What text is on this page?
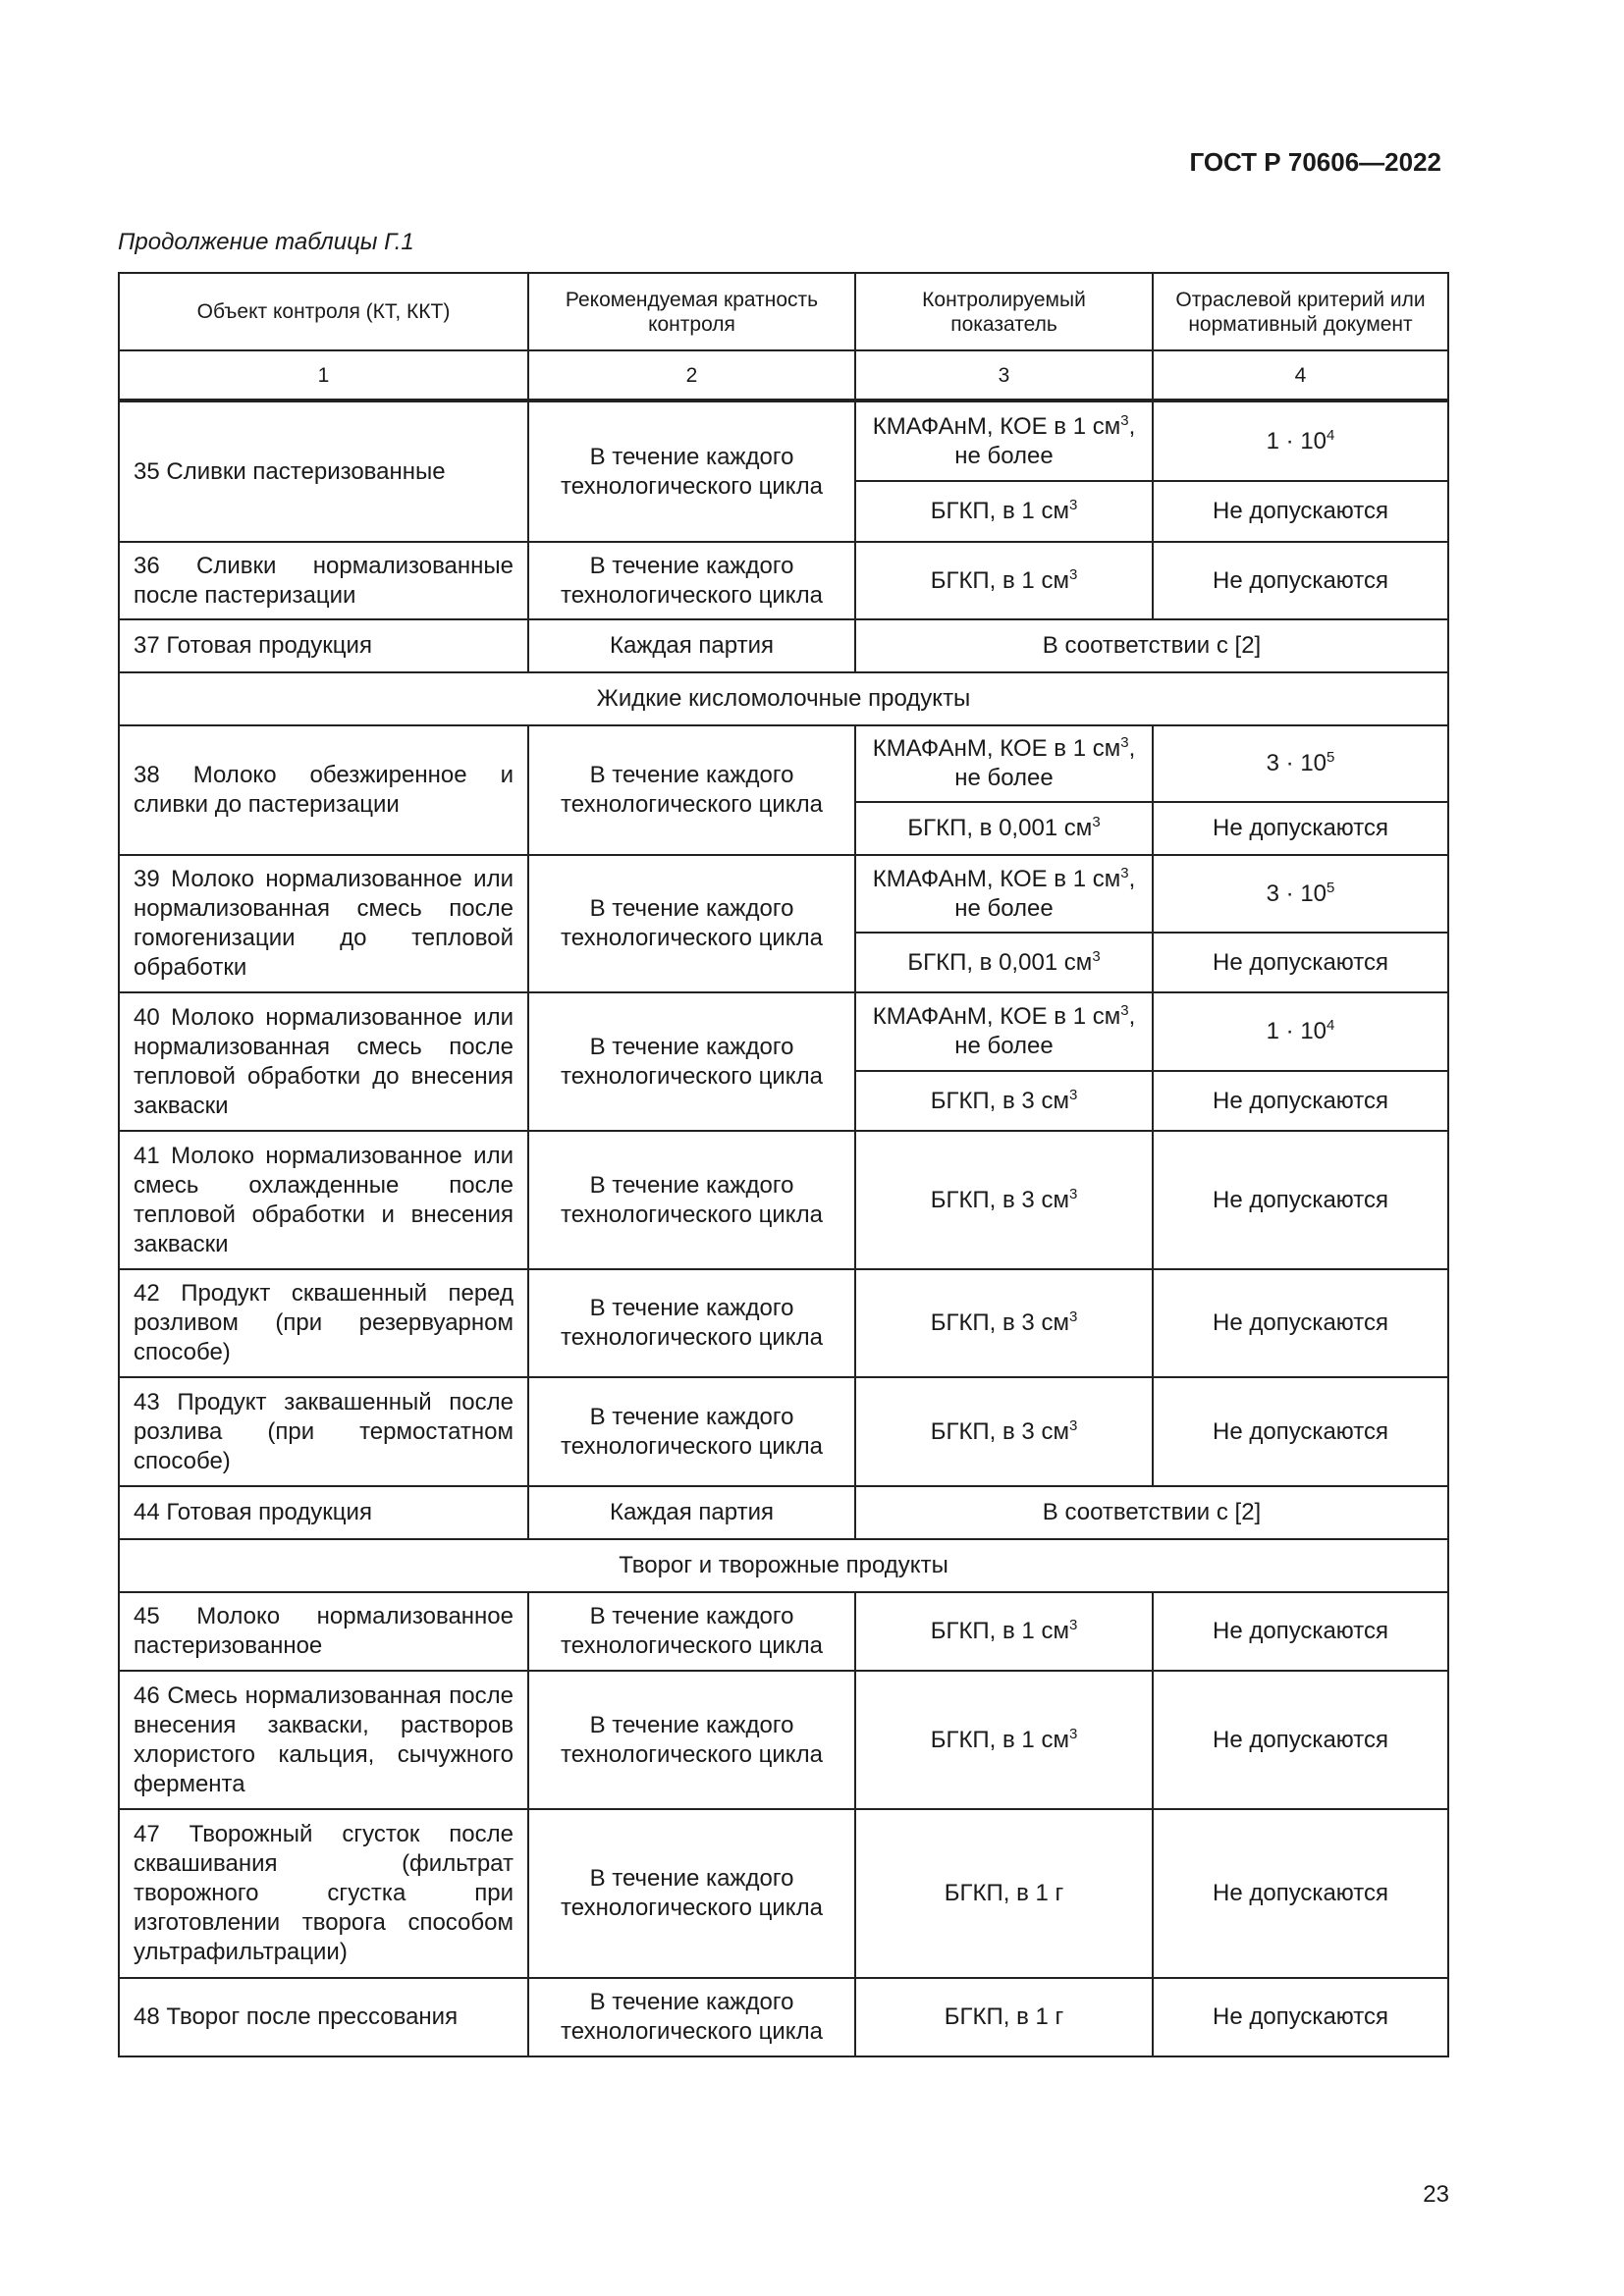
ГОСТ Р 70606—2022

Продолжение таблицы Г.1

Объект контроля (КТ, ККТ)	Рекомендуемая кратность контроля	Контролируемый показатель	Отраслевой критерий или нормативный документ
1	2	3	4

35 Сливки пастеризованные	В течение каждого технологического цикла	КМАФАнМ, КОЕ в 1 $см^3$, не более	$1 \cdot 10^4$
		БГКП, в 1 $см^3$	Не допускаются
36 Сливки нормализованные после пастеризации	В течение каждого технологического цикла	БГКП, в 1 $см^3$	Не допускаются
37 Готовая продукция	Каждая партия	В соответствии с [2]	
Жидкие кисломолочные продукты			
38 Молоко обезжиренное и сливки до пастеризации	В течение каждого технологического цикла	КМАФАнМ, КОЕ в 1 $см^3$, не более	$3 \cdot 10^5$
		БГКП, в 0,001 $см^3$	Не допускаются
39 Молоко нормализованное или нормализованная смесь после гомогенизации до тепловой обработки	В течение каждого технологического цикла	КМАФАнМ, КОЕ в 1 $см^3$, не более	$3 \cdot 10^5$
		БГКП, в 0,001 $см^3$	Не допускаются
40 Молоко нормализованное или нормализованная смесь после тепловой обработки до внесения закваски	В течение каждого технологического цикла	КМАФАнМ, КОЕ в 1 $см^3$, не более	$1 \cdot 10^4$
		БГКП, в 3 $см^3$	Не допускаются
41 Молоко нормализованное или смесь охлажденные после тепловой обработки и внесения закваски	В течение каждого технологического цикла	БГКП, в 3 $см^3$	Не допускаются
42 Продукт сквашенный перед розливом (при резервуарном способе)	В течение каждого технологического цикла	БГКП, в 3 $см^3$	Не допускаются
43 Продукт заквашенный после розлива (при термостатном способе)	В течение каждого технологического цикла	БГКП, в 3 $см^3$	Не допускаются
44 Готовая продукция	Каждая партия	В соответствии с [2]	
Творог и творожные продукты			
45 Молоко нормализованное пастеризованное	В течение каждого технологического цикла	БГКП, в 1 $см^3$	Не допускаются
46 Смесь нормализованная после внесения закваски, растворов хлористого кальция, сычужного фермента	В течение каждого технологического цикла	БГКП, в 1 $см^3$	Не допускаются
47 Творожный сгусток после сквашивания (фильтрат творожного сгустка при изготовлении творога способом ультрафильтрации)	В течение каждого технологического цикла	БГКП, в 1 г	Не допускаются
48 Творог после прессования	В течение каждого технологического цикла	БГКП, в 1 г	Не допускаются

23
